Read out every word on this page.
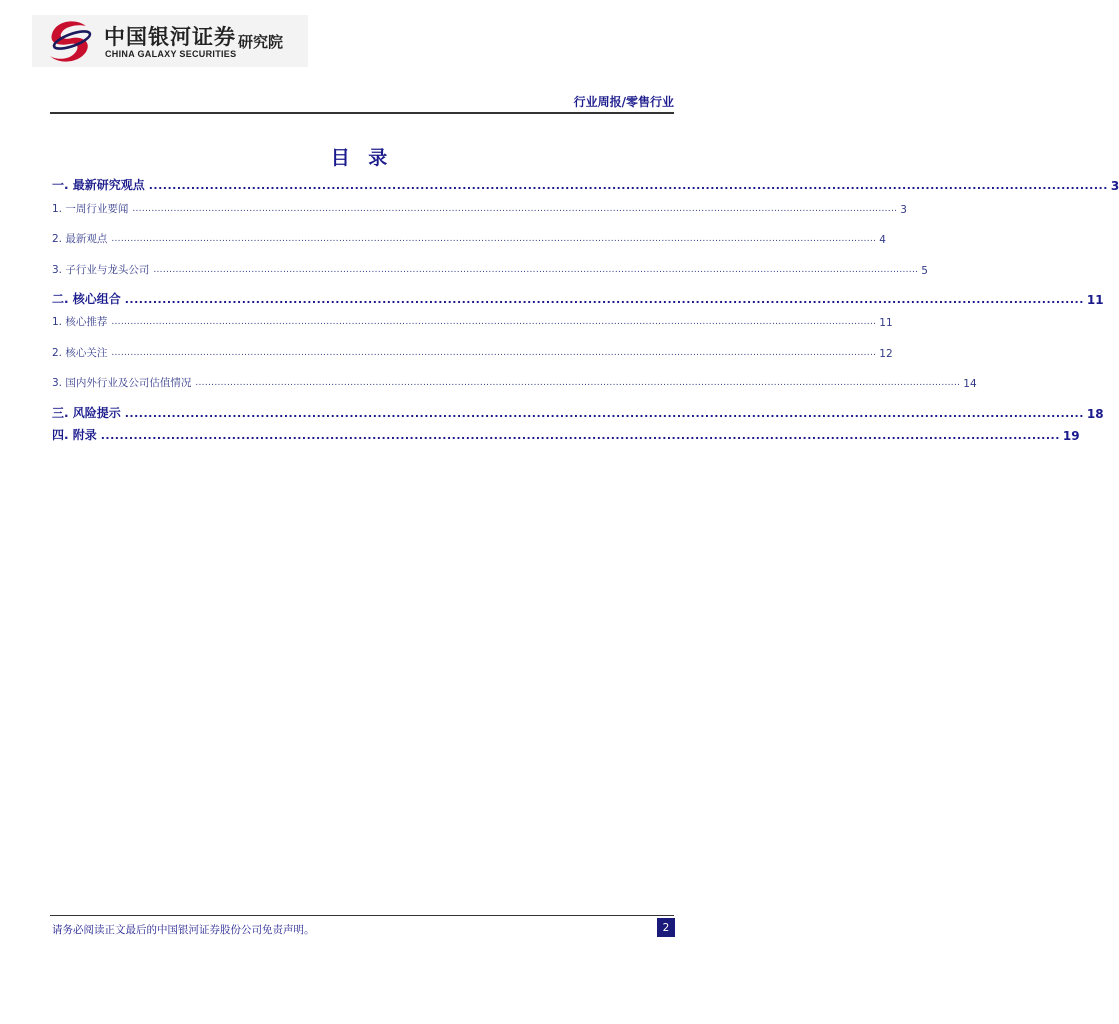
中国银河证券
CHINA GALAXY SECURITIES
研究院
行业周报/零售行业
目 录
一. 最新研究观点 ............................................................................................................................................................................................................. 3
1. 一周行业要闻 .................................................................................................................................................................................................................................................. 3
2. 最新观点 .................................................................................................................................................................................................................................................. 4
3. 子行业与龙头公司 .................................................................................................................................................................................................................................................. 5
二. 核心组合 ............................................................................................................................................................................................................. 11
1. 核心推荐 .................................................................................................................................................................................................................................................. 11
2. 核心关注 .................................................................................................................................................................................................................................................. 12
3. 国内外行业及公司估值情况 .................................................................................................................................................................................................................................................. 14
三. 风险提示 ............................................................................................................................................................................................................. 18
四. 附录 ............................................................................................................................................................................................................. 19
请务必阅读正文最后的中国银河证券股份公司免责声明。	2
